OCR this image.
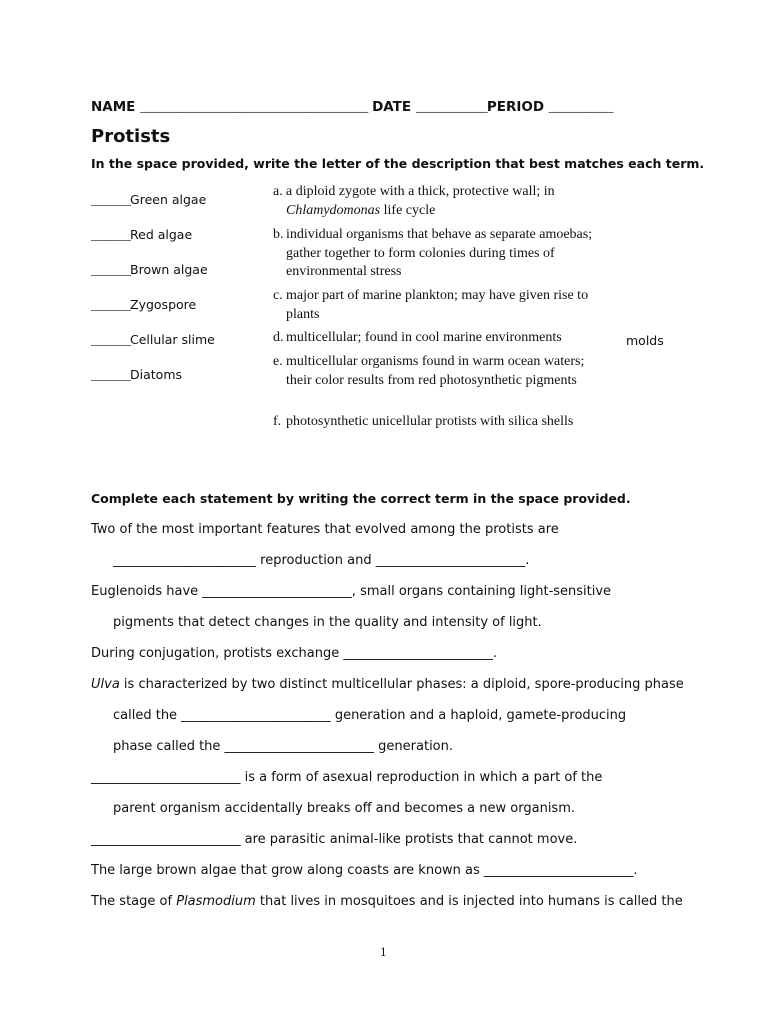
NAME ________________________________ DATE __________PERIOD _________
Protists
In the space provided, write the letter of the description that best matches each term.
______Green algae
______Red algae
______Brown algae
______Zygospore
______Cellular slime
______Diatoms
molds
a. a diploid zygote with a thick, protective wall; in Chlamydomonas life cycle
b. individual organisms that behave as separate amoebas; gather together to form colonies during times of environmental stress
c. major part of marine plankton; may have given rise to plants
d. multicellular; found in cool marine environments
e. multicellular organisms found in warm ocean waters; their color results from red photosynthetic pigments
f. photosynthetic unicellular protists with silica shells
Complete each statement by writing the correct term in the space provided.
Two of the most important features that evolved among the protists are
______________________ reproduction and _______________________.
Euglenoids have _______________________, small organs containing light-sensitive
pigments that detect changes in the quality and intensity of light.
During conjugation, protists exchange _______________________.
Ulva is characterized by two distinct multicellular phases: a diploid, spore-producing phase
called the _______________________ generation and a haploid, gamete-producing
phase called the _______________________ generation.
_______________________ is a form of asexual reproduction in which a part of the
parent organism accidentally breaks off and becomes a new organism.
_______________________ are parasitic animal-like protists that cannot move.
The large brown algae that grow along coasts are known as _______________________.
The stage of Plasmodium that lives in mosquitoes and is injected into humans is called the
1
